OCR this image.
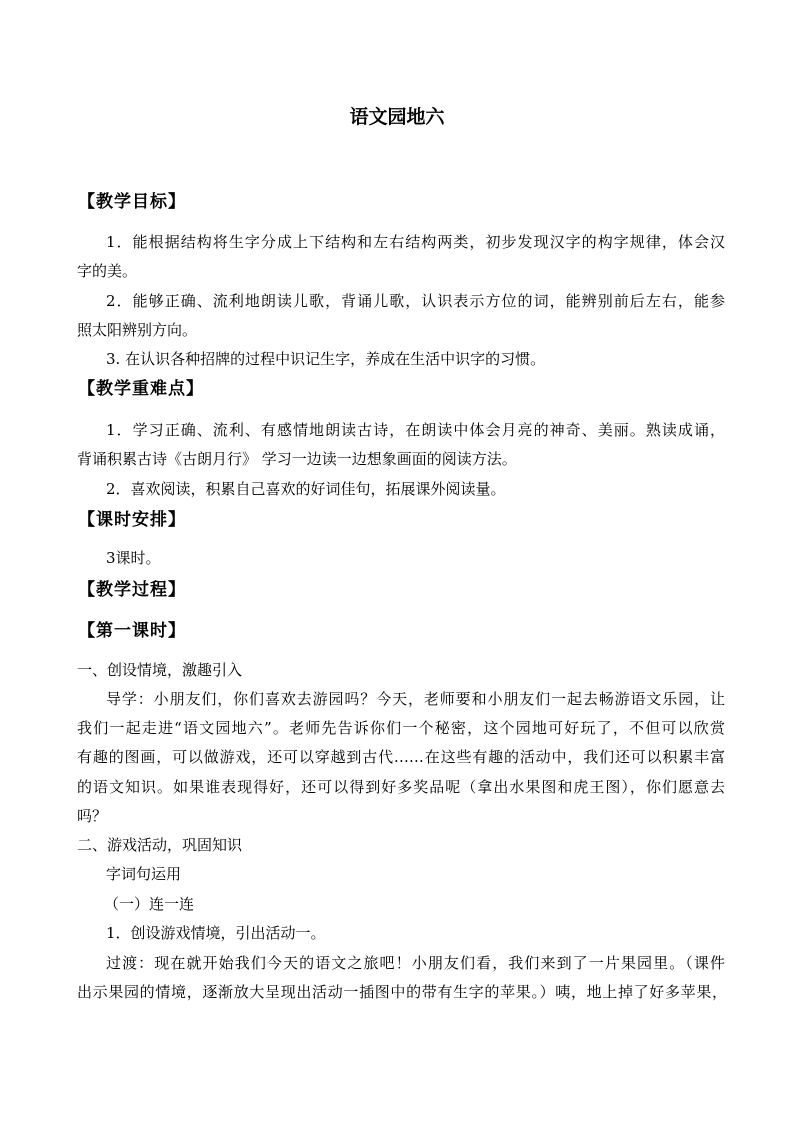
语文园地六
【教学目标】
1．能根据结构将生字分成上下结构和左右结构两类，初步发现汉字的构字规律，体会汉
字的美。
2．能够正确、流利地朗读儿歌，背诵儿歌，认识表示方位的词，能辨别前后左右，能参
照太阳辨别方向。
3. 在认识各种招牌的过程中识记生字，养成在生活中识字的习惯。
【教学重难点】
1．学习正确、流利、有感情地朗读古诗，在朗读中体会月亮的神奇、美丽。熟读成诵，
背诵积累古诗《古朗月行》 学习一边读一边想象画面的阅读方法。
2．喜欢阅读，积累自己喜欢的好词佳句，拓展课外阅读量。
【课时安排】
3课时。
【教学过程】
【第一课时】
一、创设情境，激趣引入
导学：小朋友们，你们喜欢去游园吗？今天，老师要和小朋友们一起去畅游语文乐园，让
我们一起走进“语文园地六”。老师先告诉你们一个秘密，这个园地可好玩了，不但可以欣赏
有趣的图画，可以做游戏，还可以穿越到古代……在这些有趣的活动中，我们还可以积累丰富
的语文知识。如果谁表现得好，还可以得到好多奖品呢（拿出水果图和虎王图），你们愿意去
吗？
二、游戏活动，巩固知识
字词句运用
（一）连一连
1．创设游戏情境，引出活动一。
过渡：现在就开始我们今天的语文之旅吧！小朋友们看，我们来到了一片果园里。（课件
出示果园的情境，逐渐放大呈现出活动一插图中的带有生字的苹果。）咦，地上掉了好多苹果，
